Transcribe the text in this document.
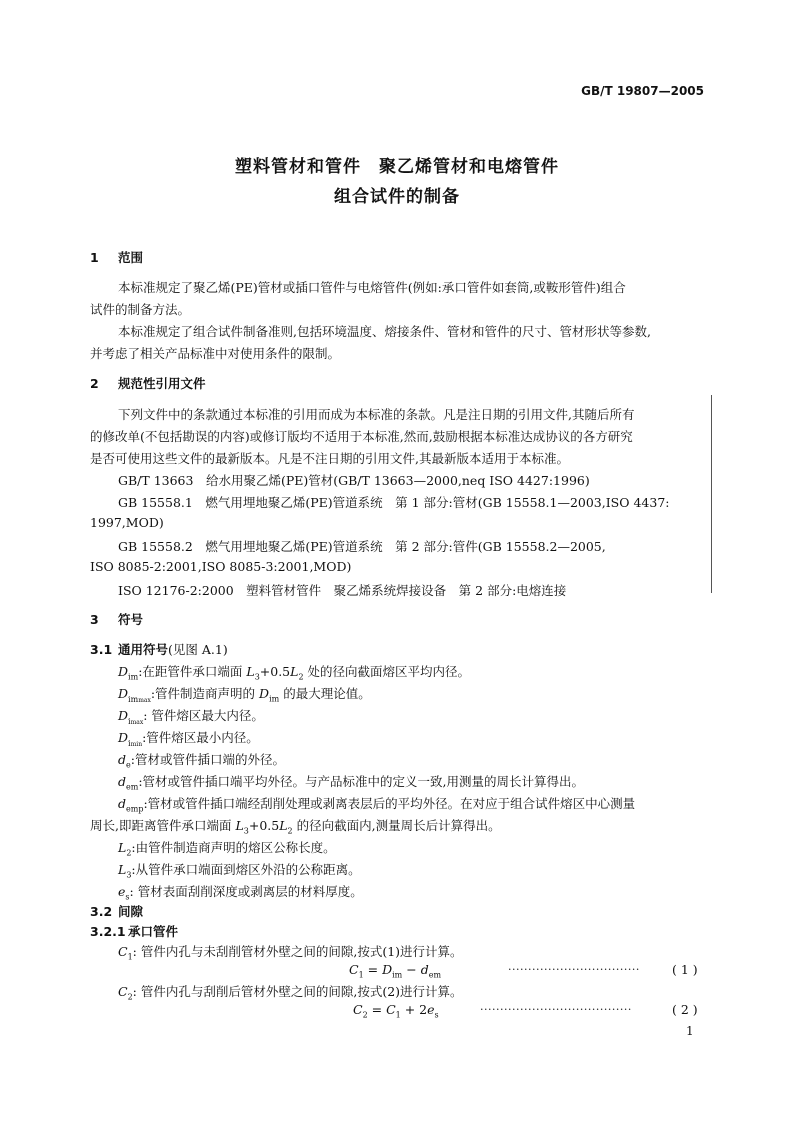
GB/T 19807—2005
塑料管材和管件　聚乙烯管材和电熔管件
组合试件的制备
1 范围
本标准规定了聚乙烯(PE)管材或插口管件与电熔管件(例如:承口管件如套筒,或鞍形管件)组合
试件的制备方法。
本标准规定了组合试件制备准则,包括环境温度、熔接条件、管材和管件的尺寸、管材形状等参数,
并考虑了相关产品标准中对使用条件的限制。
2 规范性引用文件
下列文件中的条款通过本标准的引用而成为本标准的条款。凡是注日期的引用文件,其随后所有
的修改单(不包括勘误的内容)或修订版均不适用于本标准,然而,鼓励根据本标准达成协议的各方研究
是否可使用这些文件的最新版本。凡是不注日期的引用文件,其最新版本适用于本标准。
GB/T 13663　给水用聚乙烯(PE)管材(GB/T 13663—2000,neq ISO 4427:1996)
GB 15558.1　燃气用埋地聚乙烯(PE)管道系统　第 1 部分:管材(GB 15558.1—2003,ISO 4437:
1997,MOD)
GB 15558.2　燃气用埋地聚乙烯(PE)管道系统　第 2 部分:管件(GB 15558.2—2005,
ISO 8085-2:2001,ISO 8085-3:2001,MOD)
ISO 12176-2:2000　塑料管材管件　聚乙烯系统焊接设备　第 2 部分:电熔连接
3 符号
3.1 通用符号(见图 A.1)
$D_{im}$:在距管件承口端面 $L_3+0.5L_2$ 处的径向截面熔区平均内径。
$D_{immax}$:管件制造商声明的 $D_{im}$ 的最大理论值。
$D_{imax}$: 管件熔区最大内径。
$D_{imin}$:管件熔区最小内径。
$d_e$:管材或管件插口端的外径。
$d_{em}$:管材或管件插口端平均外径。与产品标准中的定义一致,用测量的周长计算得出。
$d_{emp}$:管材或管件插口端经刮削处理或剥离表层后的平均外径。在对应于组合试件熔区中心测量
周长,即距离管件承口端面 $L_3+0.5L_2$ 的径向截面内,测量周长后计算得出。
$L_2$:由管件制造商声明的熔区公称长度。
$L_3$:从管件承口端面到熔区外沿的公称距离。
$e_s$: 管材表面刮削深度或剥离层的材料厚度。
3.2 间隙
3.2.1 承口管件
$C_1$: 管件内孔与未刮削管材外壁之间的间隙,按式(1)进行计算。
$C_1 = D_{im} - d_{em}$	·································	( 1 )
$C_2$: 管件内孔与刮削后管材外壁之间的间隙,按式(2)进行计算。
$C_2 = C_1 + 2e_s$	······································	( 2 )
1
